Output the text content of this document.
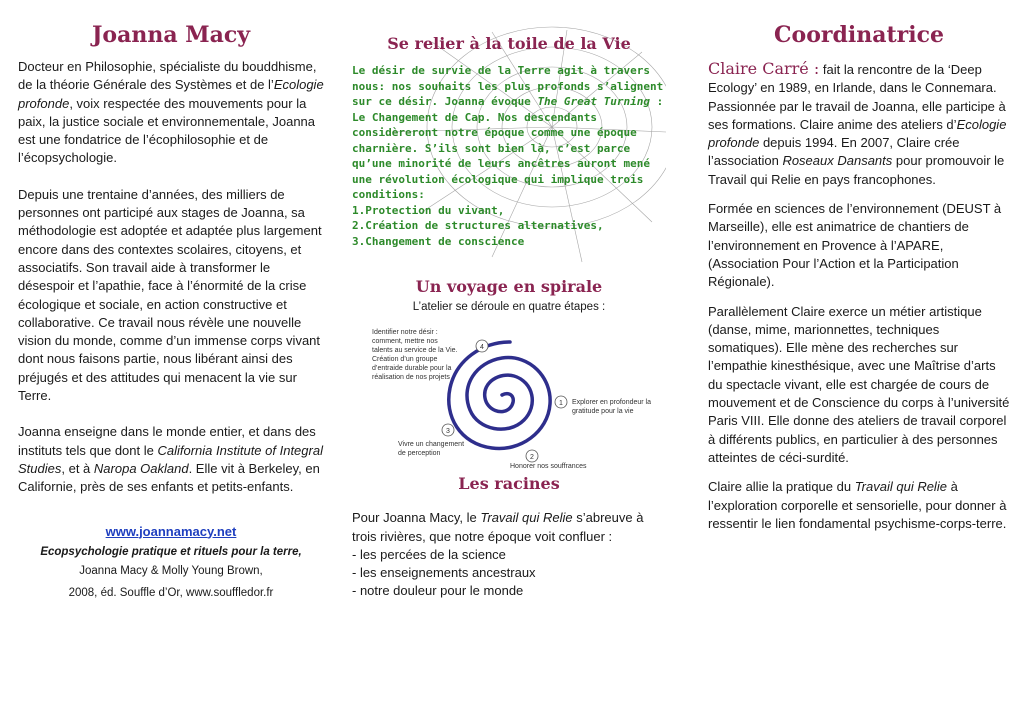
Joanna Macy

Docteur en Philosophie, spécialiste du bouddhisme, de la théorie Générale des Systèmes et de l’Ecologie profonde, voix respectée des mouvements pour la paix, la justice sociale et environnementale, Joanna est une fondatrice de l’écophilosophie et de l’écopsychologie.

Depuis une trentaine d’années, des milliers de personnes ont participé aux stages de Joanna, sa méthodologie est adoptée et adaptée plus largement encore dans des contextes scolaires, citoyens, et associatifs. Son travail aide à transformer le désespoir et l’apathie, face à l’énormité de la crise écologique et sociale, en action constructive et collaborative. Ce travail nous révèle une nouvelle vision du monde, comme d’un immense corps vivant dont nous faisons partie, nous libérant ainsi des préjugés et des attitudes qui menacent la vie sur Terre.

Joanna enseigne dans le monde entier, et dans des instituts tels que dont le California Institute of Integral Studies, et à Naropa Oakland. Elle vit à Berkeley, en Californie, près de ses enfants et petits-enfants.

www.joannamacy.net

Ecopsychologie pratique et rituels pour la terre,

Joanna Macy & Molly Young Brown,

2008, éd. Souffle d’Or, www.souffledor.fr

Se relier à la toile de la Vie

Le désir de survie de la Terre agit à travers nous: nos souhaits les plus profonds s’alignent sur ce désir. Joanna évoque The Great Turning : Le Changement de Cap. Nos descendants considèreront notre époque comme une époque charnière. S’ils sont bien là, c’est parce qu’une minorité de leurs ancêtres auront mené une révolution écologique qui implique trois conditions:

1.Protection du vivant,

2.Création de structures alternatives,

3.Changement de conscience

Un voyage en spirale

L’atelier se déroule en quatre étapes :

4
Identifier notre désir :
comment, mettre nos
talents au service de la Vie.
Création d’un groupe
d’entraide durable pour la
réalisation de nos projets
1 Explorer en profondeur la
gratitude pour la vie
3
Vivre un changement
de perception
2
Honorer nos souffrances
Les racines

Pour Joanna Macy, le Travail qui Relie s’abreuve à trois rivières, que notre époque voit confluer :

- les percées de la science

- les enseignements ancestraux

- notre douleur pour le monde

Coordinatrice

Claire Carré : fait la rencontre de la ‘Deep Ecology’ en 1989, en Irlande, dans le Connemara. Passionnée par le travail de Joanna, elle participe à ses formations. Claire anime des ateliers d’Ecologie profonde depuis 1994. En 2007, Claire crée l’association Roseaux Dansants pour promouvoir le Travail qui Relie en pays francophones.

Formée en sciences de l’environnement (DEUST à Marseille), elle est animatrice de chantiers de l’environnement en Provence à l’APARE, (Association Pour l’Action et la Participation Régionale).

Parallèlement Claire exerce un métier artistique (danse, mime, marionnettes, techniques somatiques). Elle mène des recherches sur l’empathie kinesthésique, avec une Maîtrise d’arts du spectacle vivant, elle est chargée de cours de mouvement et de Conscience du corps à l’université Paris VIII. Elle donne des ateliers de travail corporel à différents publics, en particulier à des personnes atteintes de céci-surdité.

Claire allie la pratique du Travail qui Relie à l’exploration corporelle et sensorielle, pour donner à ressentir le lien fondamental psychisme-corps-terre.
